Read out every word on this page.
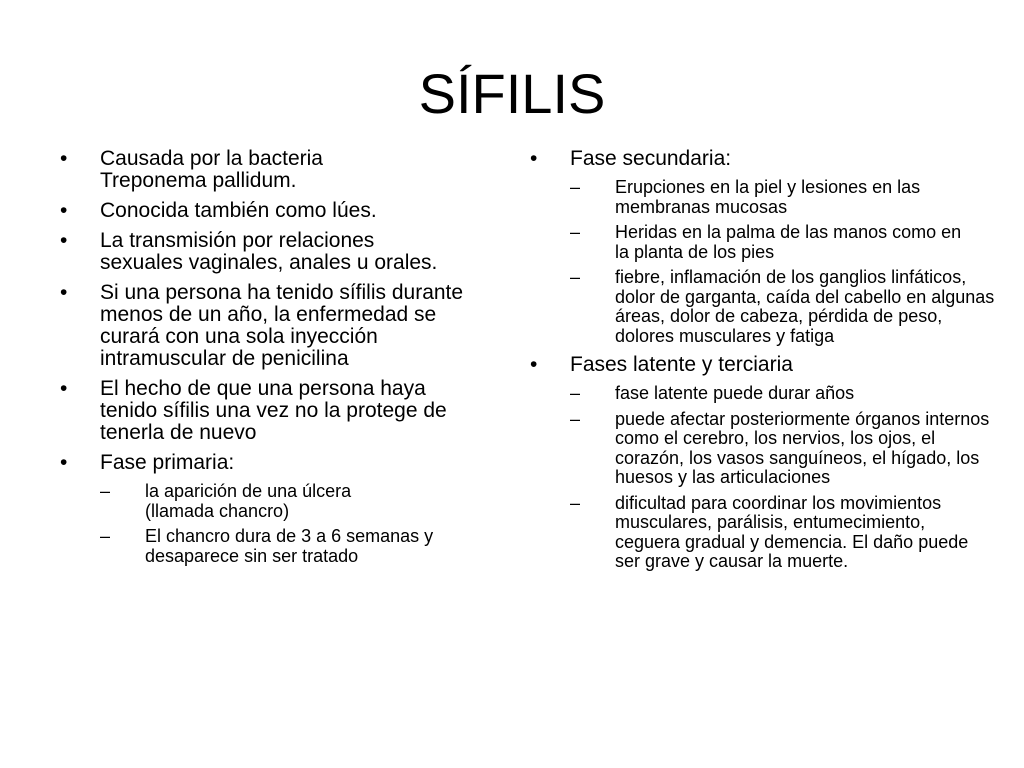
SÍFILIS
•	Causada por la bacteria Treponema pallidum.
•	Conocida también como lúes.
•	La transmisión por relaciones sexuales vaginales, anales u orales.
•	Si una persona ha tenido sífilis durante menos de un año, la enfermedad se curará con una sola inyección intramuscular de penicilina
•	El hecho de que una persona haya tenido sífilis una vez no la protege de tenerla de nuevo
•	Fase primaria:
–	la aparición de una úlcera (llamada chancro)
–	El chancro dura de 3 a 6 semanas y desaparece sin ser tratado
•	Fase secundaria:
–	Erupciones en la piel y lesiones en las membranas mucosas
–	Heridas en la palma de las manos como en la planta de los pies
–	fiebre, inflamación de los ganglios linfáticos, dolor de garganta, caída del cabello en algunas áreas, dolor de cabeza, pérdida de peso, dolores musculares y fatiga
•	Fases latente y terciaria
–	fase latente puede durar años
–	puede afectar posteriormente órganos internos como el cerebro, los nervios, los ojos, el corazón, los vasos sanguíneos, el hígado, los huesos y las articulaciones
–	dificultad para coordinar los movimientos musculares, parálisis, entumecimiento, ceguera gradual y demencia. El daño puede ser grave y causar la muerte.
